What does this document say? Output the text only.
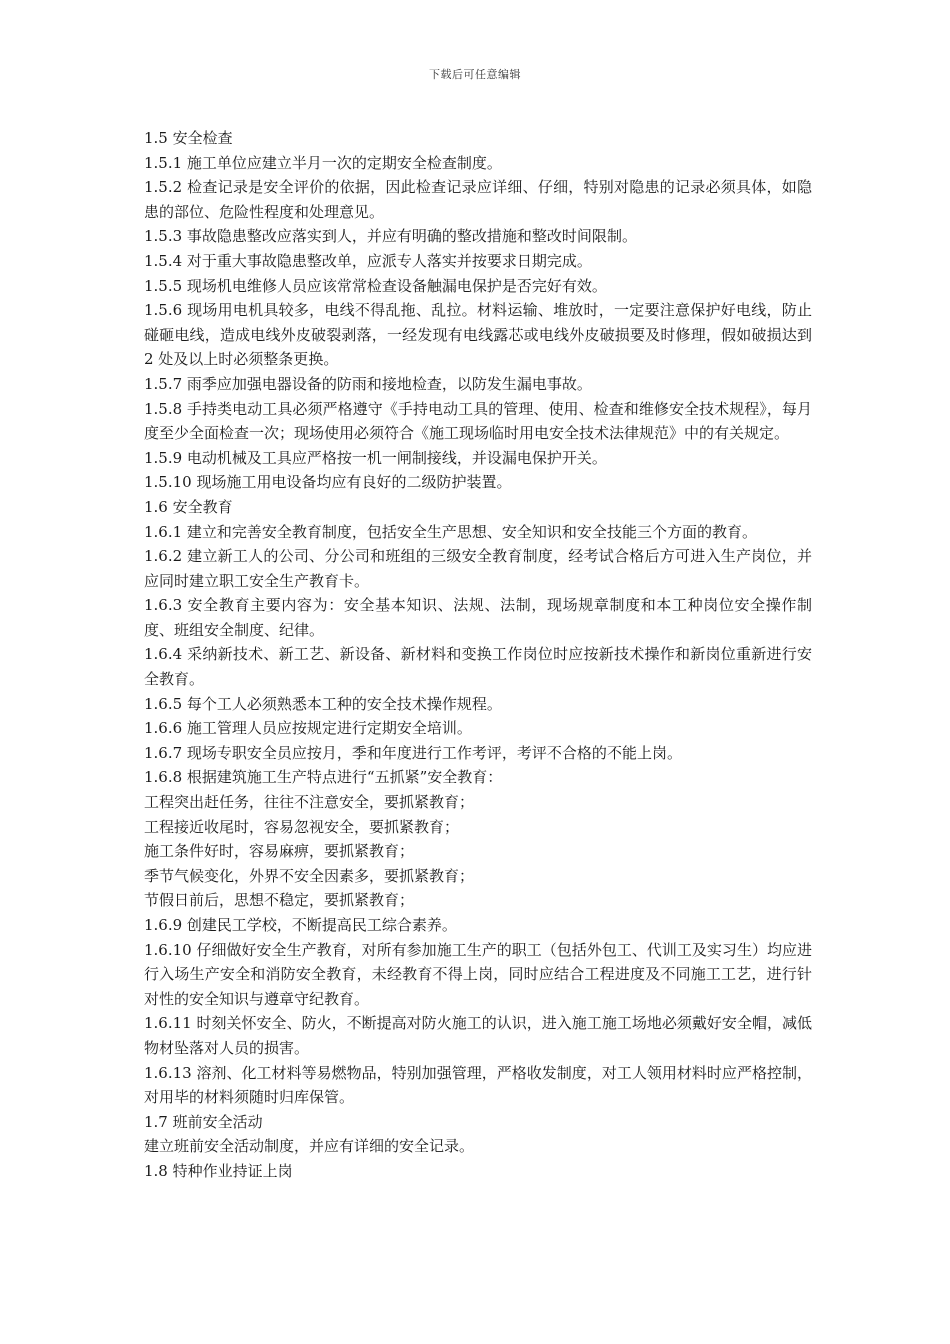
下载后可任意编辑

1.5 安全检查

1.5.1 施工单位应建立半月一次的定期安全检查制度。

1.5.2 检查记录是安全评价的依据，因此检查记录应详细、仔细，特别对隐患的记录必须具体，如隐患的部位、危险性程度和处理意见。

1.5.3 事故隐患整改应落实到人，并应有明确的整改措施和整改时间限制。

1.5.4 对于重大事故隐患整改单，应派专人落实并按要求日期完成。

1.5.5 现场机电维修人员应该常常检查设备触漏电保护是否完好有效。

1.5.6 现场用电机具较多，电线不得乱拖、乱拉。材料运输、堆放时，一定要注意保护好电线，防止碰砸电线，造成电线外皮破裂剥落，一经发现有电线露芯或电线外皮破损要及时修理，假如破损达到 2 处及以上时必须整条更换。

1.5.7 雨季应加强电器设备的防雨和接地检查，以防发生漏电事故。

1.5.8 手持类电动工具必须严格遵守《手持电动工具的管理、使用、检查和维修安全技术规程》，每月度至少全面检查一次；现场使用必须符合《施工现场临时用电安全技术法律规范》中的有关规定。

1.5.9 电动机械及工具应严格按一机一闸制接线，并设漏电保护开关。

1.5.10 现场施工用电设备均应有良好的二级防护装置。

1.6 安全教育

1.6.1 建立和完善安全教育制度，包括安全生产思想、安全知识和安全技能三个方面的教育。

1.6.2 建立新工人的公司、分公司和班组的三级安全教育制度，经考试合格后方可进入生产岗位，并应同时建立职工安全生产教育卡。

1.6.3 安全教育主要内容为：安全基本知识、法规、法制，现场规章制度和本工种岗位安全操作制度、班组安全制度、纪律。

1.6.4 采纳新技术、新工艺、新设备、新材料和变换工作岗位时应按新技术操作和新岗位重新进行安全教育。

1.6.5 每个工人必须熟悉本工种的安全技术操作规程。

1.6.6 施工管理人员应按规定进行定期安全培训。

1.6.7 现场专职安全员应按月，季和年度进行工作考评，考评不合格的不能上岗。

1.6.8 根据建筑施工生产特点进行“五抓紧”安全教育：

工程突出赶任务，往往不注意安全，要抓紧教育；

工程接近收尾时，容易忽视安全，要抓紧教育；

施工条件好时，容易麻痹，要抓紧教育；

季节气候变化，外界不安全因素多，要抓紧教育；

节假日前后，思想不稳定，要抓紧教育；

1.6.9 创建民工学校，不断提高民工综合素养。

1.6.10 仔细做好安全生产教育，对所有参加施工生产的职工（包括外包工、代训工及实习生）均应进行入场生产安全和消防安全教育，未经教育不得上岗，同时应结合工程进度及不同施工工艺，进行针对性的安全知识与遵章守纪教育。

1.6.11 时刻关怀安全、防火，不断提高对防火施工的认识，进入施工施工场地必须戴好安全帽，减低物材坠落对人员的损害。

1.6.13 溶剂、化工材料等易燃物品，特别加强管理，严格收发制度，对工人领用材料时应严格控制，对用毕的材料须随时归库保管。

1.7 班前安全活动

建立班前安全活动制度，并应有详细的安全记录。

1.8 特种作业持证上岗
